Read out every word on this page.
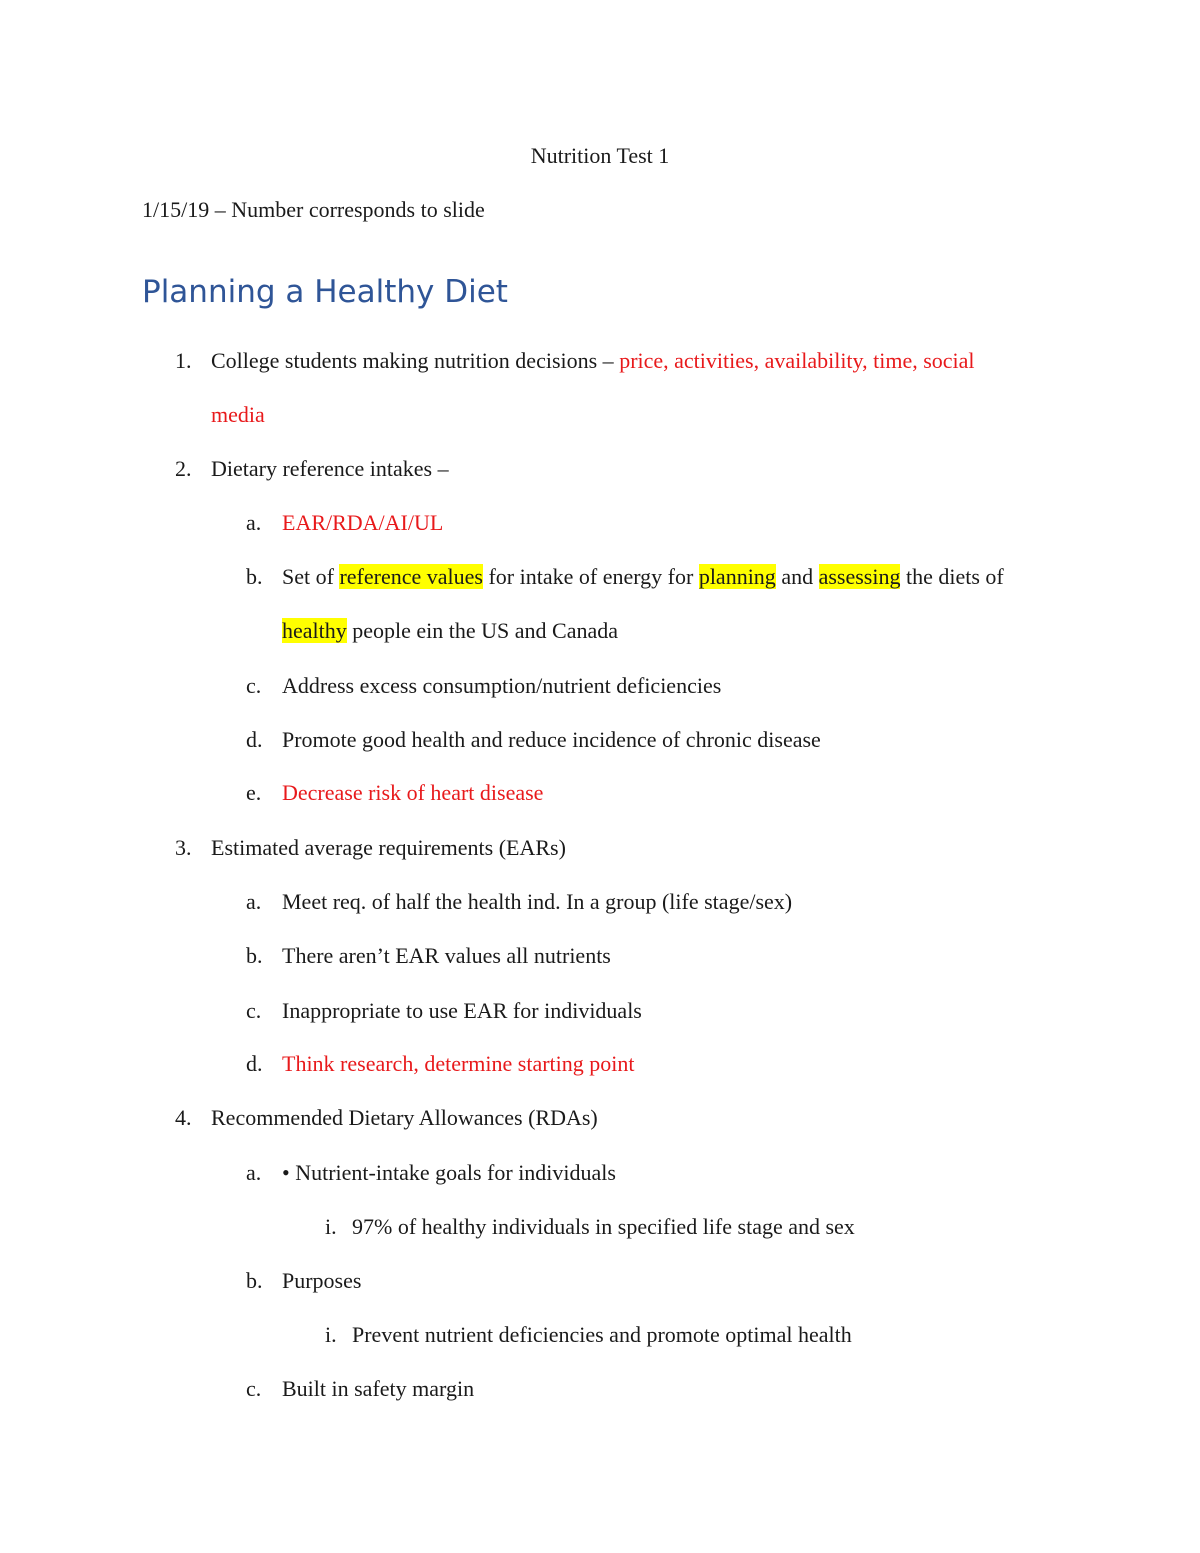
Nutrition Test 1
1/15/19 – Number corresponds to slide
Planning a Healthy Diet
1. College students making nutrition decisions – price, activities, availability, time, social
media
2. Dietary reference intakes –
a. EAR/RDA/AI/UL
b. Set of reference values for intake of energy for planning and assessing the diets of
healthy people ein the US and Canada
c. Address excess consumption/nutrient deficiencies
d. Promote good health and reduce incidence of chronic disease
e. Decrease risk of heart disease
3. Estimated average requirements (EARs)
a. Meet req. of half the health ind. In a group (life stage/sex)
b. There aren’t EAR values all nutrients
c. Inappropriate to use EAR for individuals
d. Think research, determine starting point
4. Recommended Dietary Allowances (RDAs)
a. • Nutrient-intake goals for individuals
i. 97% of healthy individuals in specified life stage and sex
b. Purposes
i. Prevent nutrient deficiencies and promote optimal health
c. Built in safety margin
